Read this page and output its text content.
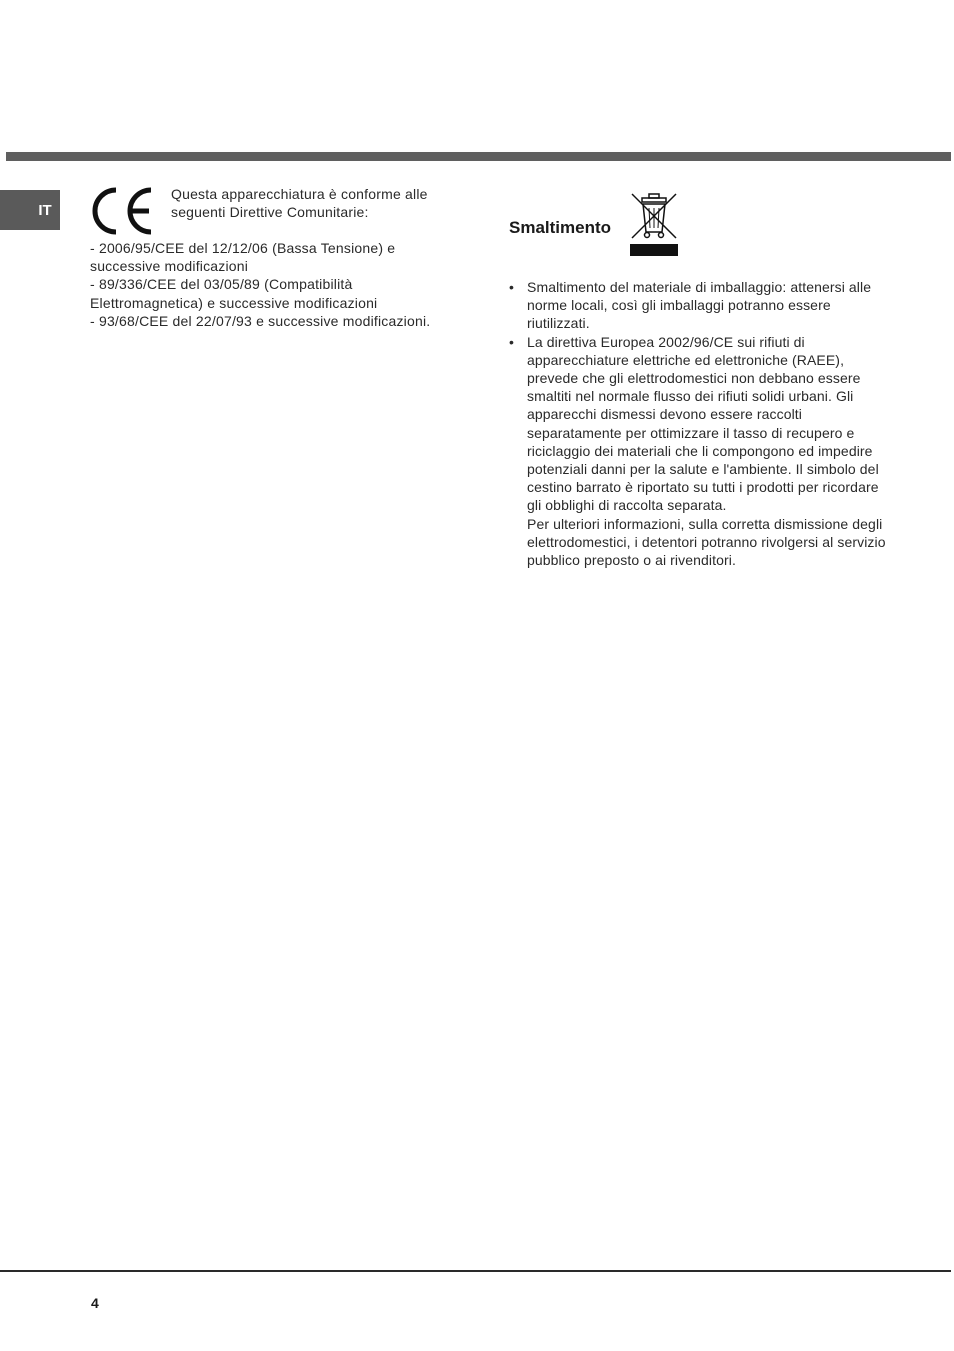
IT
Questa apparecchiatura è conforme alle seguenti Direttive Comunitarie:
- 2006/95/CEE del 12/12/06 (Bassa Tensione) e successive modificazioni
- 89/336/CEE del 03/05/89 (Compatibilità Elettromagnetica) e successive modificazioni
- 93/68/CEE del 22/07/93 e successive modificazioni.
Smaltimento
• Smaltimento del materiale di imballaggio: attenersi alle norme locali, così gli imballaggi potranno essere riutilizzati.
• La direttiva Europea 2002/96/CE sui rifiuti di apparecchiature elettriche ed elettroniche (RAEE), prevede che gli elettrodomestici non debbano essere smaltiti nel normale flusso dei rifiuti solidi urbani. Gli apparecchi dismessi devono essere raccolti separatamente per ottimizzare il tasso di recupero e riciclaggio dei materiali che li compongono ed impedire potenziali danni per la salute e l'ambiente. Il simbolo del cestino barrato è riportato su tutti i prodotti per ricordare gli obblighi di raccolta separata.
Per ulteriori informazioni, sulla corretta dismissione degli elettrodomestici, i detentori potranno rivolgersi al servizio pubblico preposto o ai rivenditori.
4
